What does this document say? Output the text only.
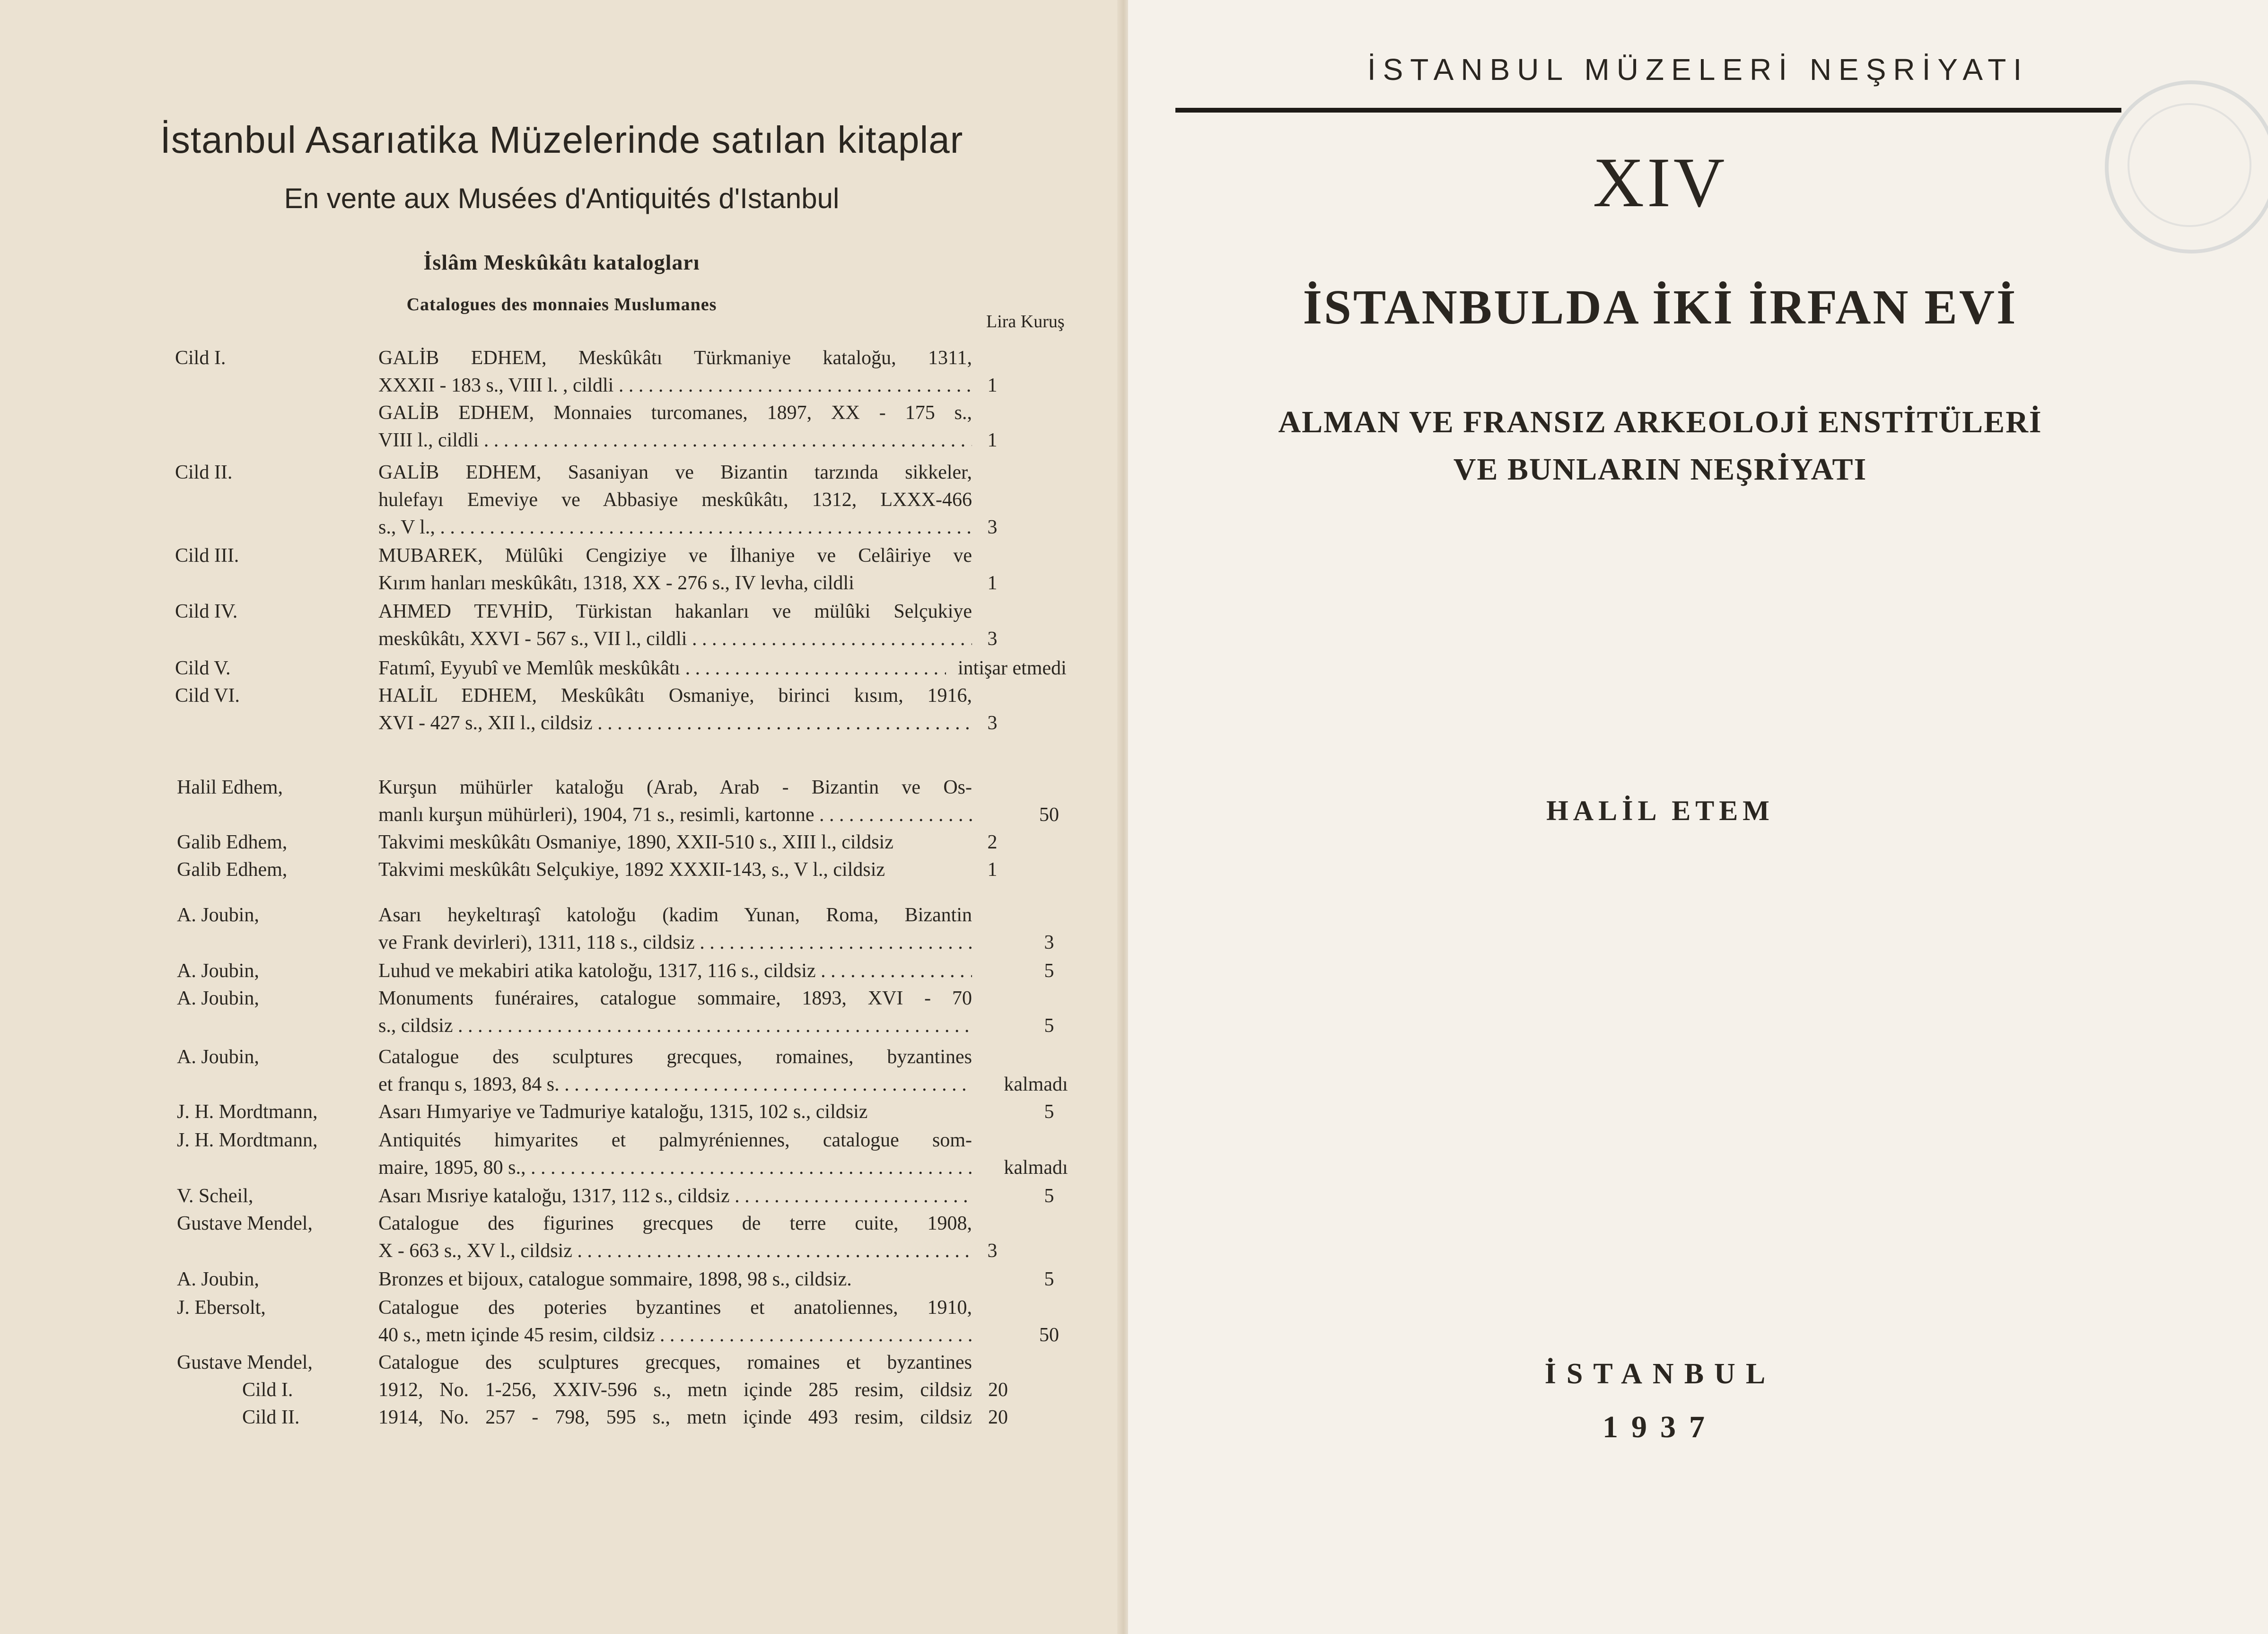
İstanbul Asarıatika Müzelerinde satılan kitaplar
En vente aux Musées d'Antiquités d'Istanbul
İslâm Meskûkâtı katalogları
Catalogues des monnaies Muslumanes
Lira Kuruş
Cild I.	GALİB EDHEM, Meskûkâtı Türkmaniye kataloğu, 1311,
XXXII - 183 s., VIII l. , cildli . . .	1
GALİB EDHEM, Monnaies turcomanes, 1897, XX - 175 s.,
VIII l., cildli . . .	1
Cild II.	GALİB EDHEM, Sasaniyan ve Bizantin tarzında sikkeler,
hulefayı Emeviye ve Abbasiye meskûkâtı, 1312, LXXX-466
s., V l., . . .	3
Cild III.	MUBAREK, Mülûki Cengiziye ve İlhaniye ve Celâiriye ve
Kırım hanları meskûkâtı, 1318, XX - 276 s., IV levha, cildli	1
Cild IV.	AHMED TEVHİD, Türkistan hakanları ve mülûki Selçukiye
meskûkâtı, XXVI - 567 s., VII l., cildli . . .	3
Cild V.	Fatımî, Eyyubî ve Memlûk meskûkâtı . . .	intişar etmedi
Cild VI.	HALİL EDHEM, Meskûkâtı Osmaniye, birinci kısım, 1916,
XVI - 427 s., XII l., cildsiz . . .	3
Halil Edhem,	Kurşun mühürler kataloğu (Arab, Arab - Bizantin ve Os-
manlı kurşun mühürleri), 1904, 71 s., resimli, kartonne . . .	50
Galib Edhem,	Takvimi meskûkâtı Osmaniye, 1890, XXII-510 s., XIII l., cildsiz	2
Galib Edhem,	Takvimi meskûkâtı Selçukiye, 1892 XXXII-143, s., V l., cildsiz	1
A. Joubin,	Asarı heykeltıraşî katoloğu (kadim Yunan, Roma, Bizantin
ve Frank devirleri), 1311, 118 s., cildsiz . . .	3
A. Joubin,	Luhud ve mekabiri atika katoloğu, 1317, 116 s., cildsiz . . .	5
A. Joubin,	Monuments funéraires, catalogue sommaire, 1893, XVI - 70
s., cildsiz . . .	5
A. Joubin,	Catalogue des sculptures grecques, romaines, byzantines
et franqu s, 1893, 84 s. . . .	kalmadı
J. H. Mordtmann,	Asarı Hımyariye ve Tadmuriye kataloğu, 1315, 102 s., cildsiz	5
J. H. Mordtmann,	Antiquités himyarites et palmyréniennes, catalogue som-
maire, 1895, 80 s., . . .	kalmadı
V. Scheil,	Asarı Mısriye kataloğu, 1317, 112 s., cildsiz . . .	5
Gustave Mendel,	Catalogue des figurines grecques de terre cuite, 1908,
X - 663 s., XV l., cildsiz . . .	3
A. Joubin,	Bronzes et bijoux, catalogue sommaire, 1898, 98 s., cildsiz.	5
J. Ebersolt,	Catalogue des poteries byzantines et anatoliennes, 1910,
40 s., metn içinde 45 resim, cildsiz . . .	50
Gustave Mendel,	Catalogue des sculptures grecques, romaines et byzantines
Cild I.	1912, No. 1-256, XXIV-596 s., metn içinde 285 resim, cildsiz 20
Cild II.	1914, No. 257 - 798, 595 s., metn içinde 493 resim, cildsiz 20
İSTANBUL MÜZELERİ NEŞRİYATI
XIV
İSTANBULDA İKİ İRFAN EVİ
ALMAN VE FRANSIZ ARKEOLOJİ ENSTİTÜLERİ
VE BUNLARIN NEŞRİYATI
HALİL ETEM
İSTANBUL
1937
